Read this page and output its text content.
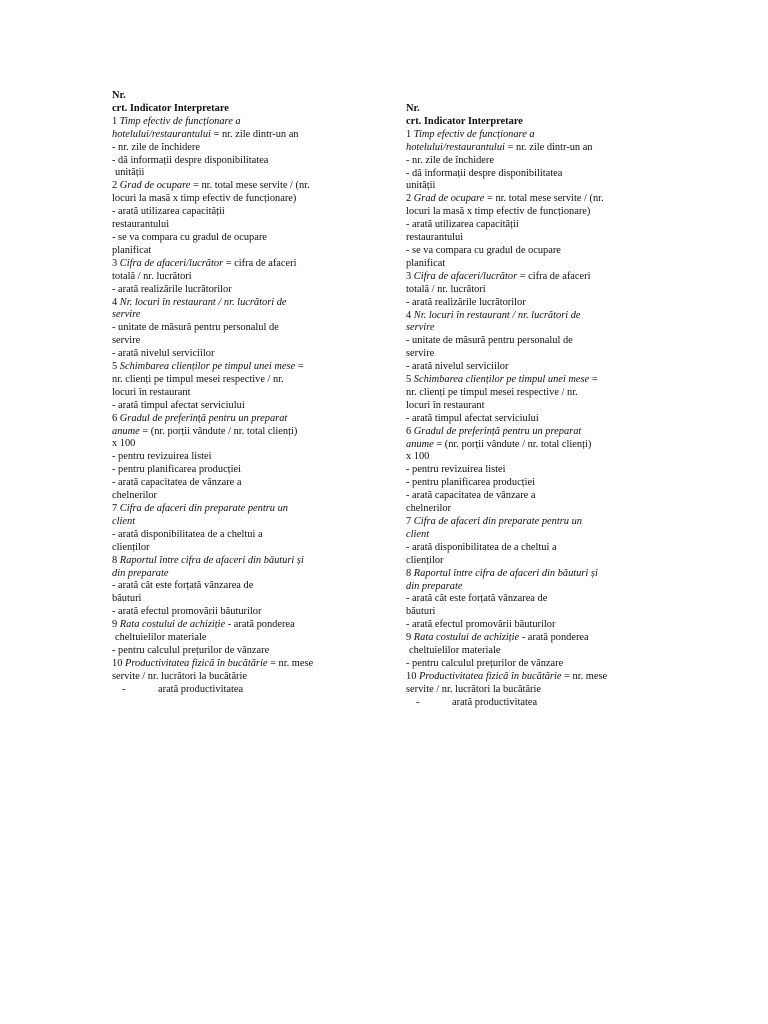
Nr.
crt. Indicator Interpretare
1 Timp efectiv de funcționare a
hotelului/restaurantului = nr. zile dintr-un an
- nr. zile de închidere
- dă informații despre disponibilitatea
unității
2 Grad de ocupare = nr. total mese servite / (nr.
locuri la masă x timp efectiv de funcționare)
- arată utilizarea capacității
restaurantului
- se va compara cu gradul de ocupare
planificat
3 Cifra de afaceri/lucrător = cifra de afaceri
totală / nr. lucrători
- arată realizările lucrătorilor
4 Nr. locuri în restaurant / nr. lucrători de
servire
- unitate de măsură pentru personalul de
servire
- arată nivelul serviciilor
5 Schimbarea clienților pe timpul unei mese =
nr. clienți pe timpul mesei respective / nr.
locuri în restaurant
- arată timpul afectat serviciului
6 Gradul de preferință pentru un preparat
anume = (nr. porții vândute / nr. total clienți)
x 100
- pentru revizuirea listei
- pentru planificarea producției
- arată capacitatea de vânzare a
chelnerilor
7 Cifra de afaceri din preparate pentru un
client
- arată disponibilitatea de a cheltui a
clienților
8 Raportul între cifra de afaceri din băuturi și
din preparate
- arată cât este forțată vânzarea de
băuturi
- arată efectul promovării băuturilor
9 Rata costului de achiziție - arată ponderea
cheltuielilor materiale
- pentru calculul prețurilor de vânzare
10 Productivitatea fizică în bucătărie = nr. mese
servite / nr. lucrători la bucătărie
-	arată productivitatea
Nr.
crt. Indicator Interpretare
1 Timp efectiv de funcționare a
hotelului/restaurantului = nr. zile dintr-un an
- nr. zile de închidere
- dă informații despre disponibilitatea
unității
2 Grad de ocupare = nr. total mese servite / (nr.
locuri la masă x timp efectiv de funcționare)
- arată utilizarea capacității
restaurantului
- se va compara cu gradul de ocupare
planificat
3 Cifra de afaceri/lucrător = cifra de afaceri
totală / nr. lucrători
- arată realizările lucrătorilor
4 Nr. locuri în restaurant / nr. lucrători de
servire
- unitate de măsură pentru personalul de
servire
- arată nivelul serviciilor
5 Schimbarea clienților pe timpul unei mese =
nr. clienți pe timpul mesei respective / nr.
locuri în restaurant
- arată timpul afectat serviciului
6 Gradul de preferință pentru un preparat
anume = (nr. porții vândute / nr. total clienți)
x 100
- pentru revizuirea listei
- pentru planificarea producției
- arată capacitatea de vânzare a
chelnerilor
7 Cifra de afaceri din preparate pentru un
client
- arată disponibilitatea de a cheltui a
clienților
8 Raportul între cifra de afaceri din băuturi și
din preparate
- arată cât este forțată vânzarea de
băuturi
- arată efectul promovării băuturilor
9 Rata costului de achiziție - arată ponderea
cheltuielilor materiale
- pentru calculul prețurilor de vânzare
10 Productivitatea fizică în bucătărie = nr. mese
servite / nr. lucrători la bucătărie
-	arată productivitatea
